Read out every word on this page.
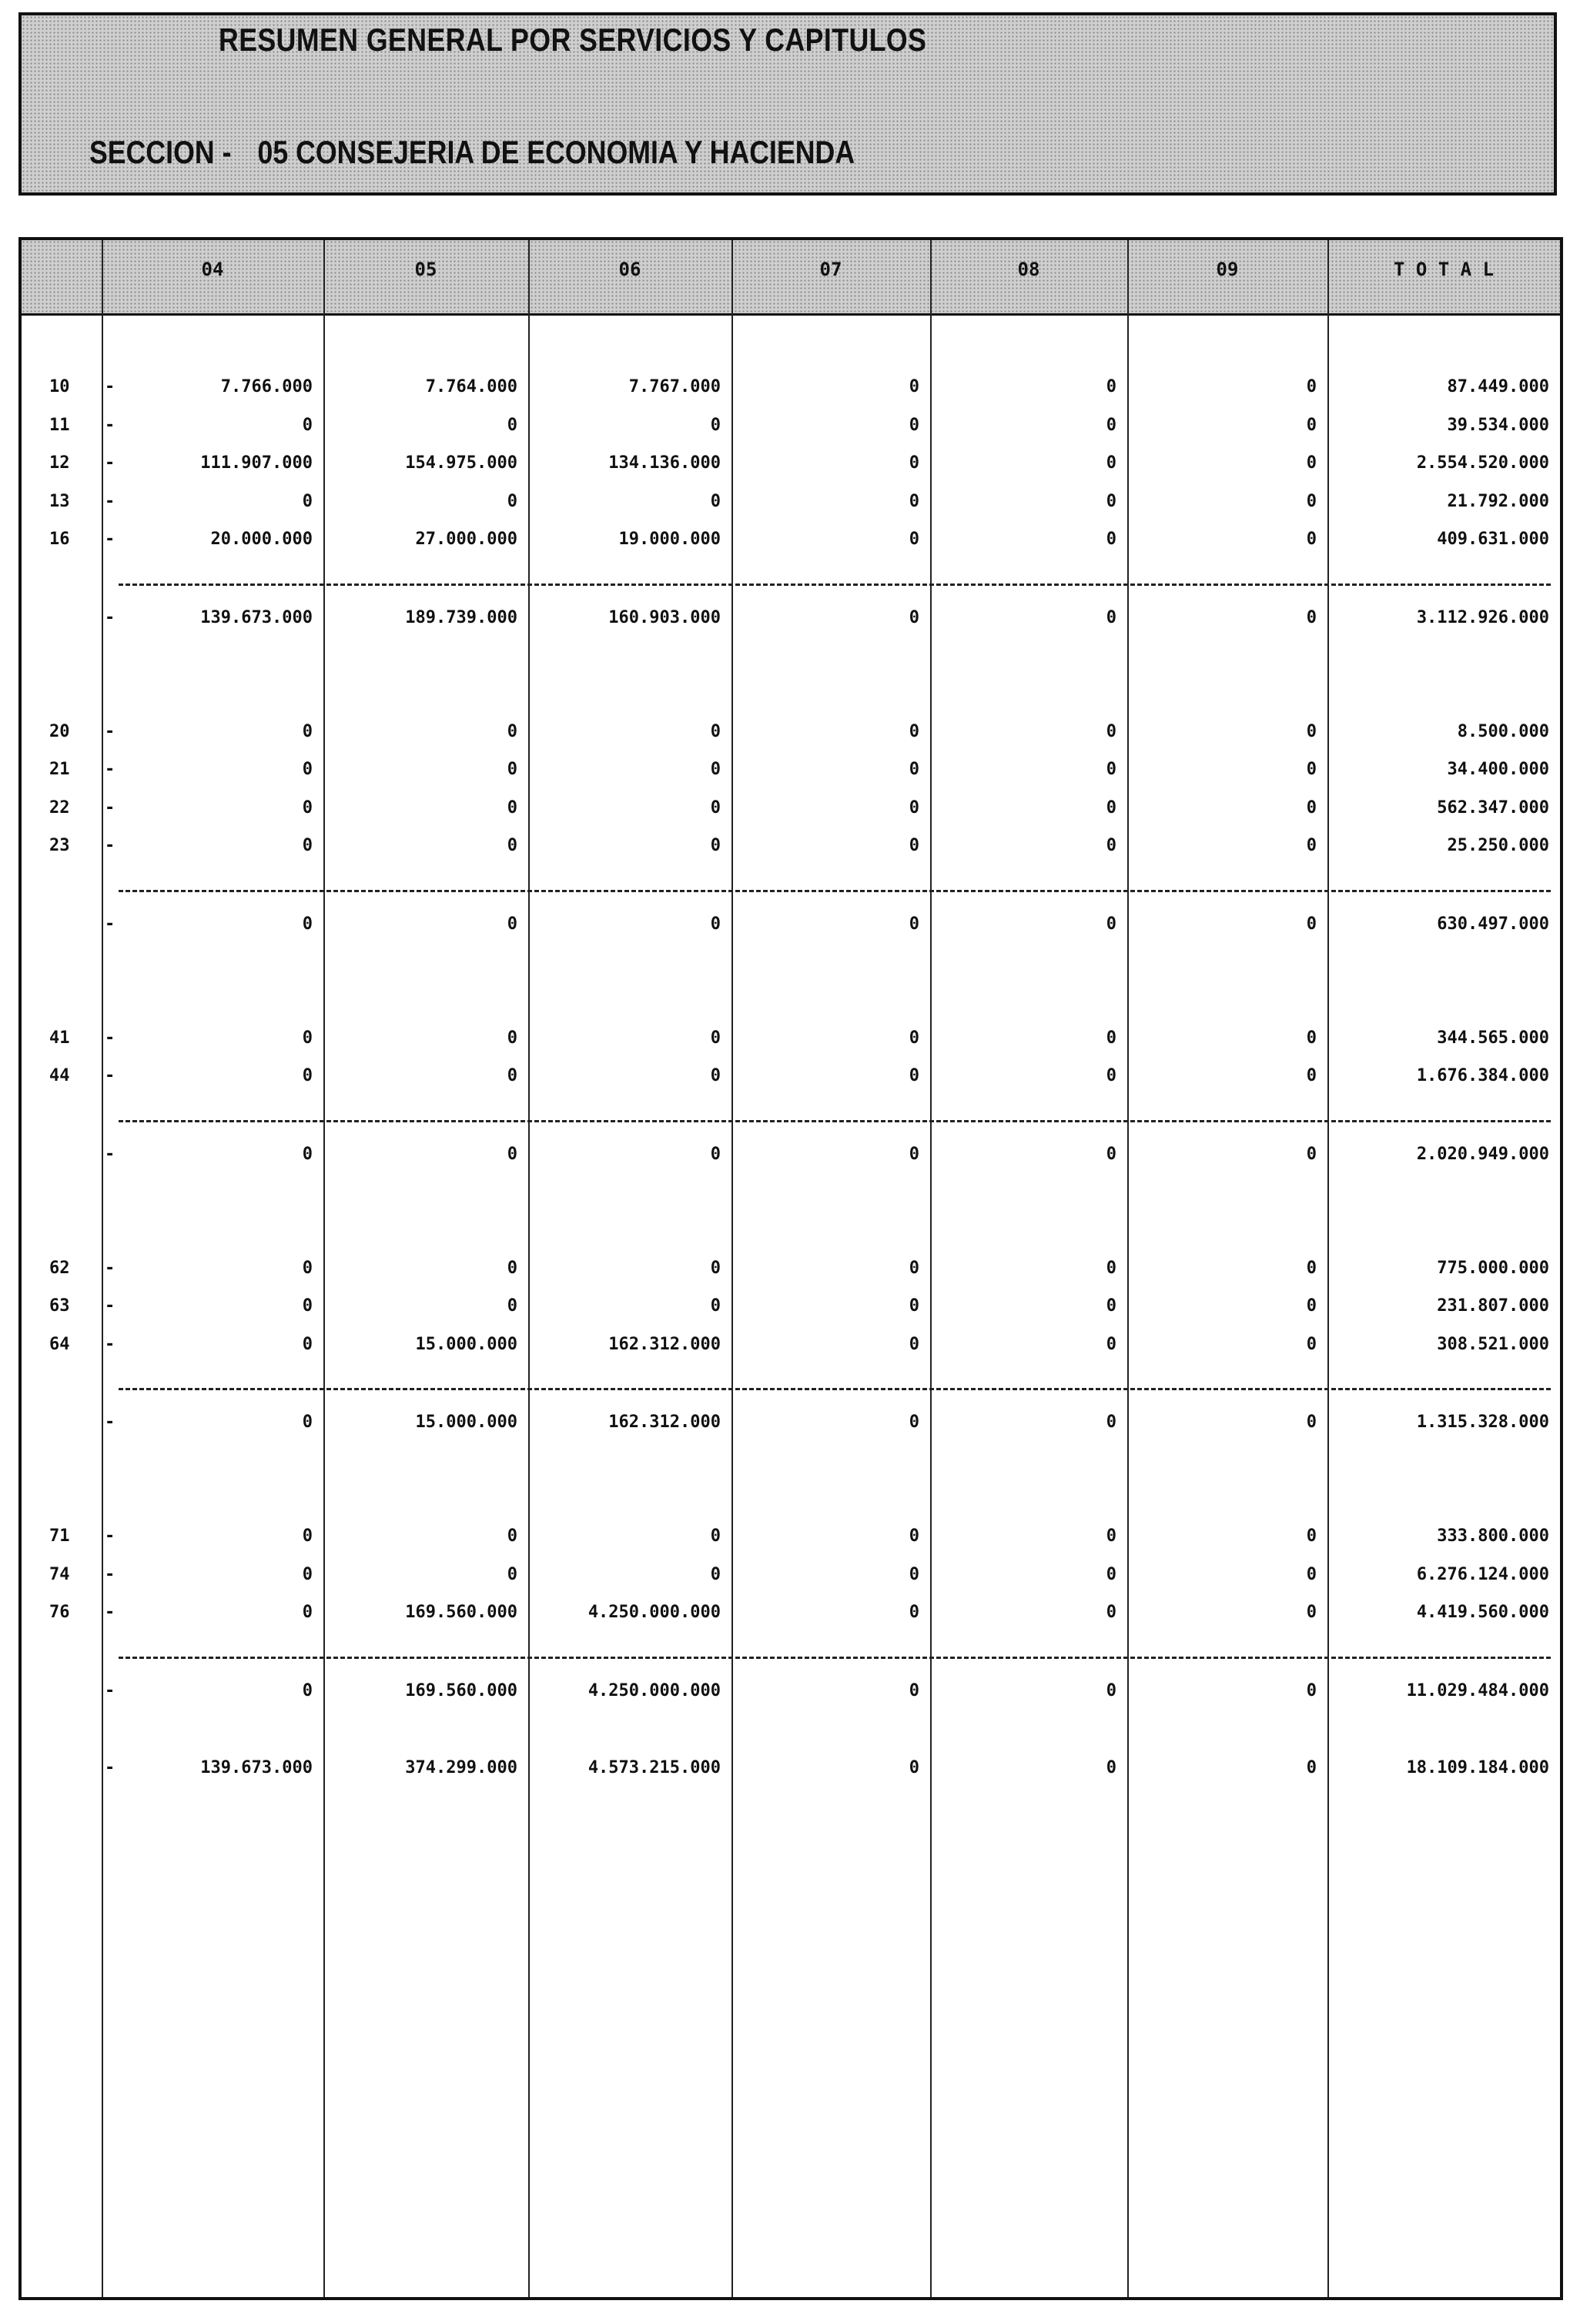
RESUMEN GENERAL POR SERVICIOS Y CAPITULOS
SECCION - 05 CONSEJERIA DE ECONOMIA Y HACIENDA
04	05	06	07	08	09	T O T A L
10 -	7.766.000	7.764.000	7.767.000	0	0	0	87.449.000
11 -	0	0	0	0	0	0	39.534.000
12 -	111.907.000	154.975.000	134.136.000	0	0	0	2.554.520.000
13 -	0	0	0	0	0	0	21.792.000
16 -	20.000.000	27.000.000	19.000.000	0	0	0	409.631.000
-	139.673.000	189.739.000	160.903.000	0	0	0	3.112.926.000
20 -	0	0	0	0	0	0	8.500.000
21 -	0	0	0	0	0	0	34.400.000
22 -	0	0	0	0	0	0	562.347.000
23 -	0	0	0	0	0	0	25.250.000
-	0	0	0	0	0	0	630.497.000
41 -	0	0	0	0	0	0	344.565.000
44 -	0	0	0	0	0	0	1.676.384.000
-	0	0	0	0	0	0	2.020.949.000
62 -	0	0	0	0	0	0	775.000.000
63 -	0	0	0	0	0	0	231.807.000
64 -	0	15.000.000	162.312.000	0	0	0	308.521.000
-	0	15.000.000	162.312.000	0	0	0	1.315.328.000
71 -	0	0	0	0	0	0	333.800.000
74 -	0	0	0	0	0	0	6.276.124.000
76 -	0	169.560.000	4.250.000.000	0	0	0	4.419.560.000
-	0	169.560.000	4.250.000.000	0	0	0	11.029.484.000
-	139.673.000	374.299.000	4.573.215.000	0	0	0	18.109.184.000
